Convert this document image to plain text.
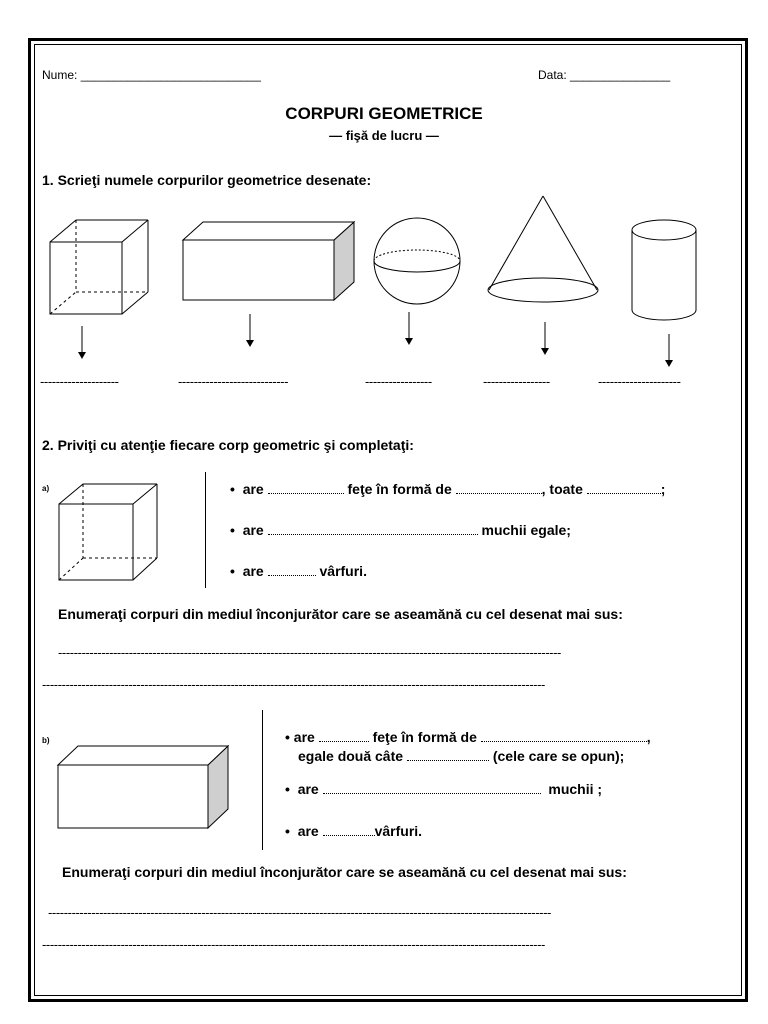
Nume: ___________________________	Data: _______________
CORPURI GEOMETRICE
— fişă de lucru —
1. Scrieţi numele corpurilor geometrice desenate:
--------------------	----------------------------	-----------------	-----------------	---------------------
2. Priviţi cu atenţie fiecare corp geometric şi completaţi:
a)	• are	feţe în formă de	, toate	;
• are	muchii egale;
• are	vârfuri.
Enumeraţi corpuri din mediul înconjurător care se aseamănă cu cel desenat mai sus:
--------------------------------------------------------------------------------------------------------------------------------
--------------------------------------------------------------------------------------------------------------------------------
b)	• are	feţe în formă de	,
egale două câte	(cele care se opun);
• are	muchii ;
• are	vârfuri.
Enumeraţi corpuri din mediul înconjurător care se aseamănă cu cel desenat mai sus:
--------------------------------------------------------------------------------------------------------------------------------
--------------------------------------------------------------------------------------------------------------------------------
